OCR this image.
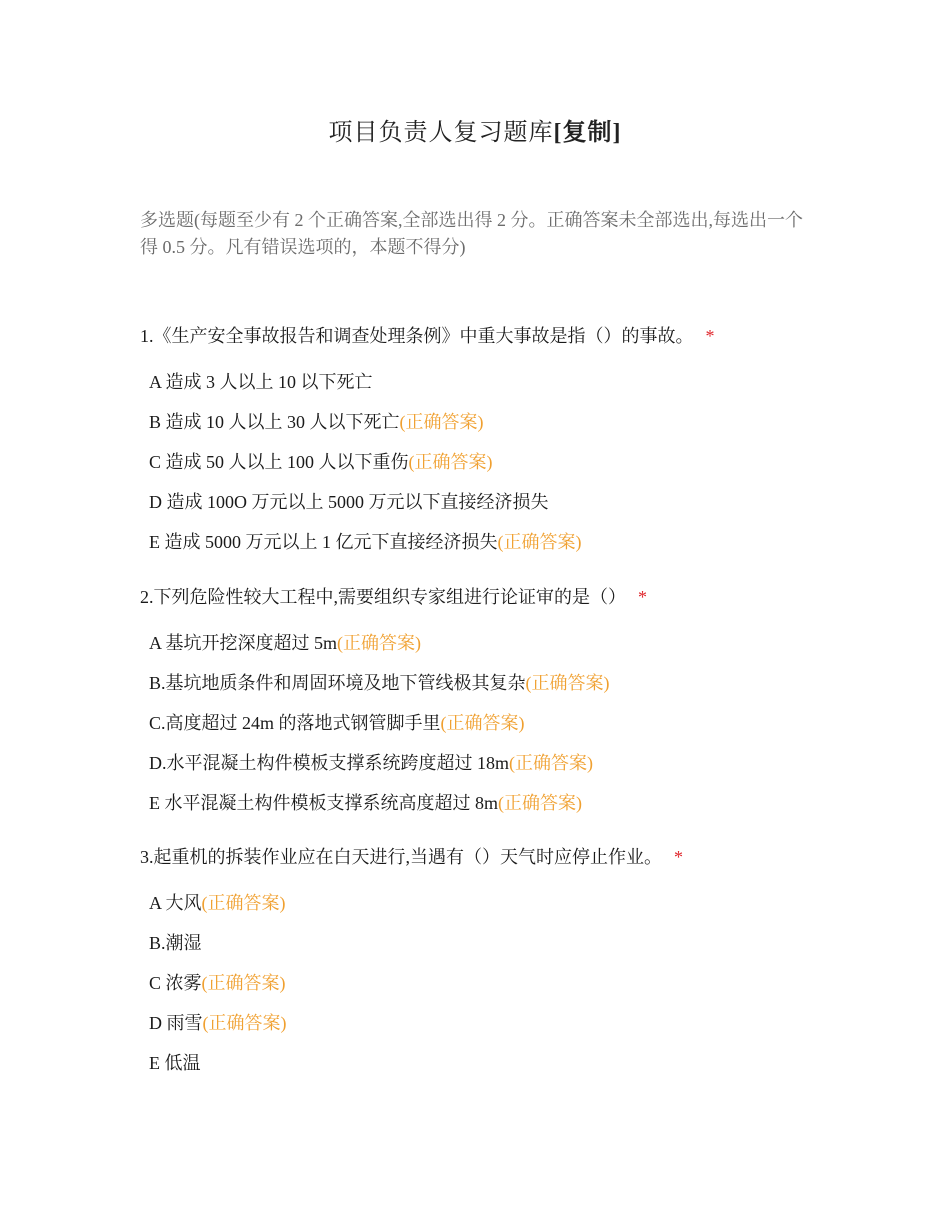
项目负责人复习题库[复制]
多选题(每题至少有 2 个正确答案,全部选出得 2 分。正确答案未全部选出,每选出一个得 0.5 分。凡有错误选项的，本题不得分)
1.《生产安全事故报告和调查处理条例》中重大事故是指（）的事故。 *
A 造成 3 人以上 10 以下死亡
B 造成 10 人以上 30 人以下死亡(正确答案)
C 造成 50 人以上 100 人以下重伤(正确答案)
D 造成 100O 万元以上 5000 万元以下直接经济损失
E 造成 5000 万元以上 1 亿元下直接经济损失(正确答案)
2.下列危险性较大工程中,需要组织专家组进行论证审的是（） *
A 基坑开挖深度超过 5m(正确答案)
B.基坑地质条件和周固环境及地下管线极其复杂(正确答案)
C.高度超过 24m 的落地式钢管脚手里(正确答案)
D.水平混凝土构件模板支撑系统跨度超过 18m(正确答案)
E 水平混凝土构件模板支撑系统高度超过 8m(正确答案)
3.起重机的拆装作业应在白天进行,当遇有（）天气时应停止作业。 *
A 大风(正确答案)
B.潮湿
C 浓雾(正确答案)
D 雨雪(正确答案)
E 低温
